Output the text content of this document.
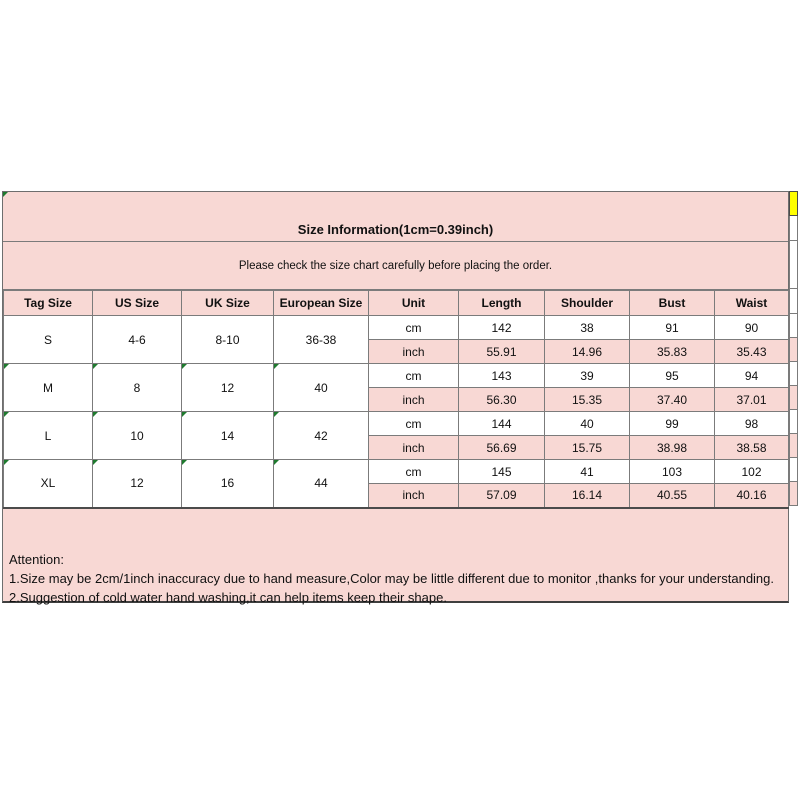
Size Information(1cm=0.39inch)
Please check the size chart carefully before placing the order.
Tag Size	US Size	UK Size	European Size	Unit	Length	Shoulder	Bust	Waist
S	4-6	8-10	36-38	cm	142	38	91	90
				inch	55.91	14.96	35.83	35.43

M	8	12	40	cm	143	39	95	94
				inch	56.30	15.35	37.40	37.01

L	10	14	42	cm	144	40	99	98
				inch	56.69	15.75	38.98	38.58

XL	12	16	44	cm	145	41	103	102
				inch	57.09	16.14	40.55	40.16
Attention:
1.Size may be 2cm/1inch inaccuracy due to hand measure,Color may be little different due to monitor ,thanks for your understanding.
2.Suggestion of cold water hand washing,it can help items keep their shape.
